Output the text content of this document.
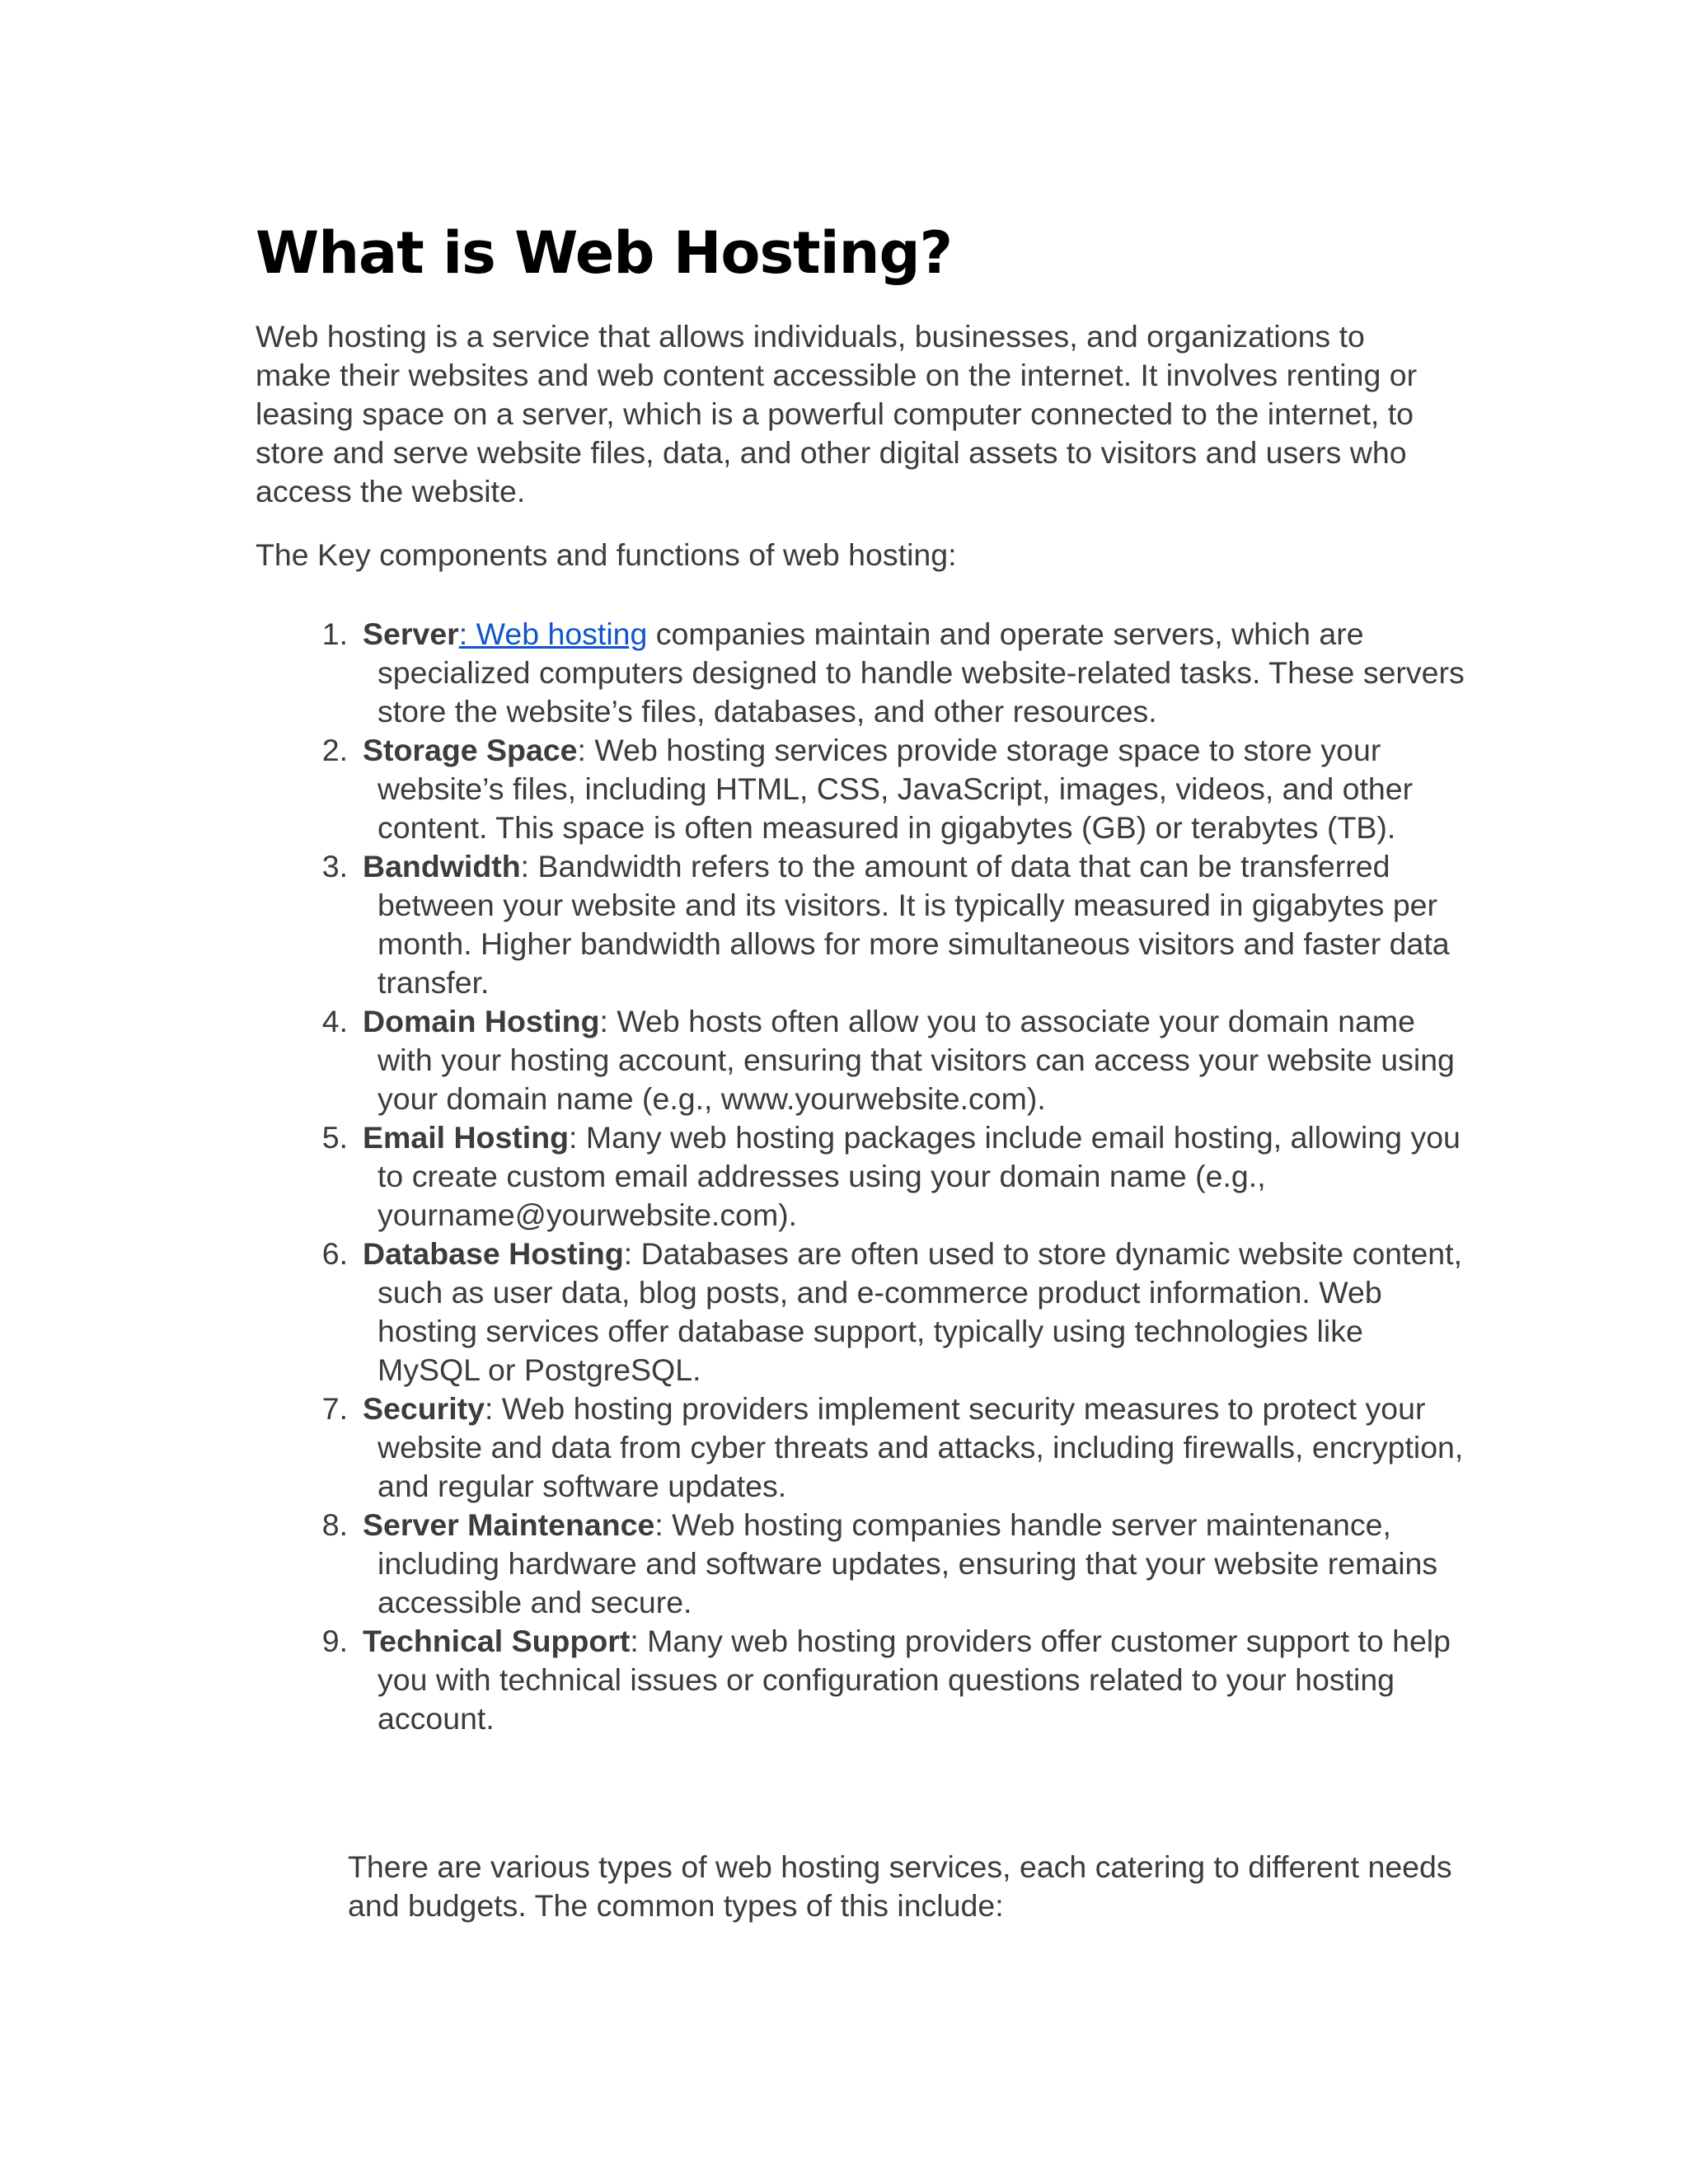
What is Web Hosting?

Web hosting is a service that allows individuals, businesses, and organizations to make their websites and web content accessible on the internet. It involves renting or leasing space on a server, which is a powerful computer connected to the internet, to store and serve website files, data, and other digital assets to visitors and users who access the website.

The Key components and functions of web hosting:

1. Server: Web hosting companies maintain and operate servers, which are specialized computers designed to handle website-related tasks. These servers store the website’s files, databases, and other resources.
2. Storage Space: Web hosting services provide storage space to store your website’s files, including HTML, CSS, JavaScript, images, videos, and other content. This space is often measured in gigabytes (GB) or terabytes (TB).
3. Bandwidth: Bandwidth refers to the amount of data that can be transferred between your website and its visitors. It is typically measured in gigabytes per month. Higher bandwidth allows for more simultaneous visitors and faster data transfer.
4. Domain Hosting: Web hosts often allow you to associate your domain name with your hosting account, ensuring that visitors can access your website using your domain name (e.g., www.yourwebsite.com).
5. Email Hosting: Many web hosting packages include email hosting, allowing you to create custom email addresses using your domain name (e.g., yourname@yourwebsite.com).
6. Database Hosting: Databases are often used to store dynamic website content, such as user data, blog posts, and e-commerce product information. Web hosting services offer database support, typically using technologies like MySQL or PostgreSQL.
7. Security: Web hosting providers implement security measures to protect your website and data from cyber threats and attacks, including firewalls, encryption, and regular software updates.
8. Server Maintenance: Web hosting companies handle server maintenance, including hardware and software updates, ensuring that your website remains accessible and secure.
9. Technical Support: Many web hosting providers offer customer support to help you with technical issues or configuration questions related to your hosting account.

There are various types of web hosting services, each catering to different needs and budgets. The common types of this include:
